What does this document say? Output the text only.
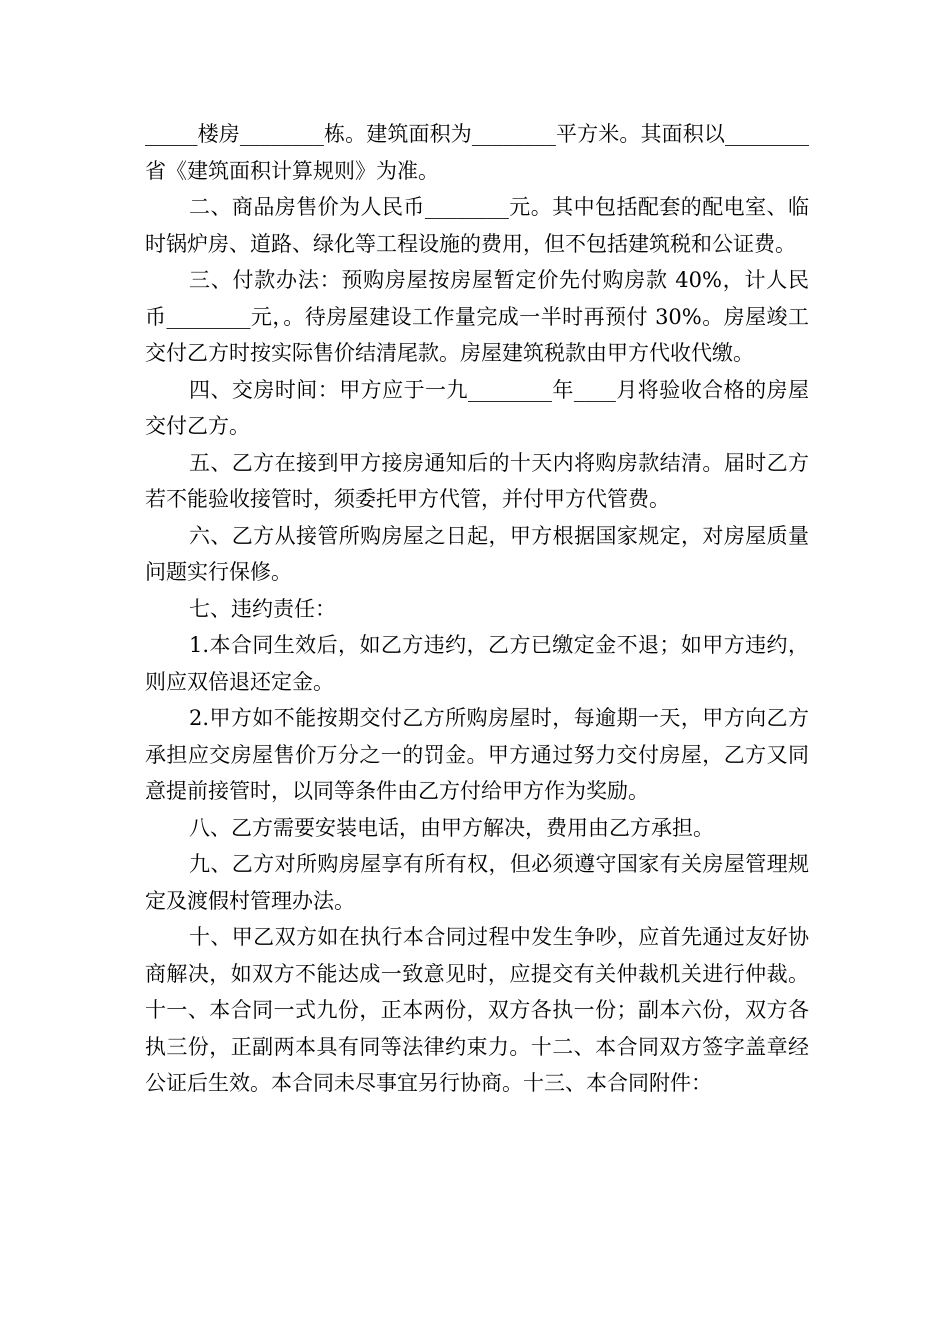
_____楼房________栋。建筑面积为________平方米。其面积以________省《建筑面积计算规则》为准。

二、商品房售价为人民币________元。其中包括配套的配电室、临时锅炉房、道路、绿化等工程设施的费用，但不包括建筑税和公证费。

三、付款办法：预购房屋按房屋暂定价先付购房款 40%，计人民币________元，。待房屋建设工作量完成一半时再预付 30%。房屋竣工交付乙方时按实际售价结清尾款。房屋建筑税款由甲方代收代缴。

四、交房时间：甲方应于一九________年____月将验收合格的房屋交付乙方。

五、乙方在接到甲方接房通知后的十天内将购房款结清。届时乙方若不能验收接管时，须委托甲方代管，并付甲方代管费。

六、乙方从接管所购房屋之日起，甲方根据国家规定，对房屋质量问题实行保修。

七、违约责任：

1.本合同生效后，如乙方违约，乙方已缴定金不退；如甲方违约，则应双倍退还定金。

2.甲方如不能按期交付乙方所购房屋时，每逾期一天，甲方向乙方承担应交房屋售价万分之一的罚金。甲方通过努力交付房屋，乙方又同意提前接管时，以同等条件由乙方付给甲方作为奖励。

八、乙方需要安装电话，由甲方解决，费用由乙方承担。

九、乙方对所购房屋享有所有权，但必须遵守国家有关房屋管理规定及渡假村管理办法。

十、甲乙双方如在执行本合同过程中发生争吵，应首先通过友好协商解决，如双方不能达成一致意见时，应提交有关仲裁机关进行仲裁。十一、本合同一式九份，正本两份，双方各执一份；副本六份，双方各执三份，正副两本具有同等法律约束力。十二、本合同双方签字盖章经公证后生效。本合同未尽事宜另行协商。十三、本合同附件：
